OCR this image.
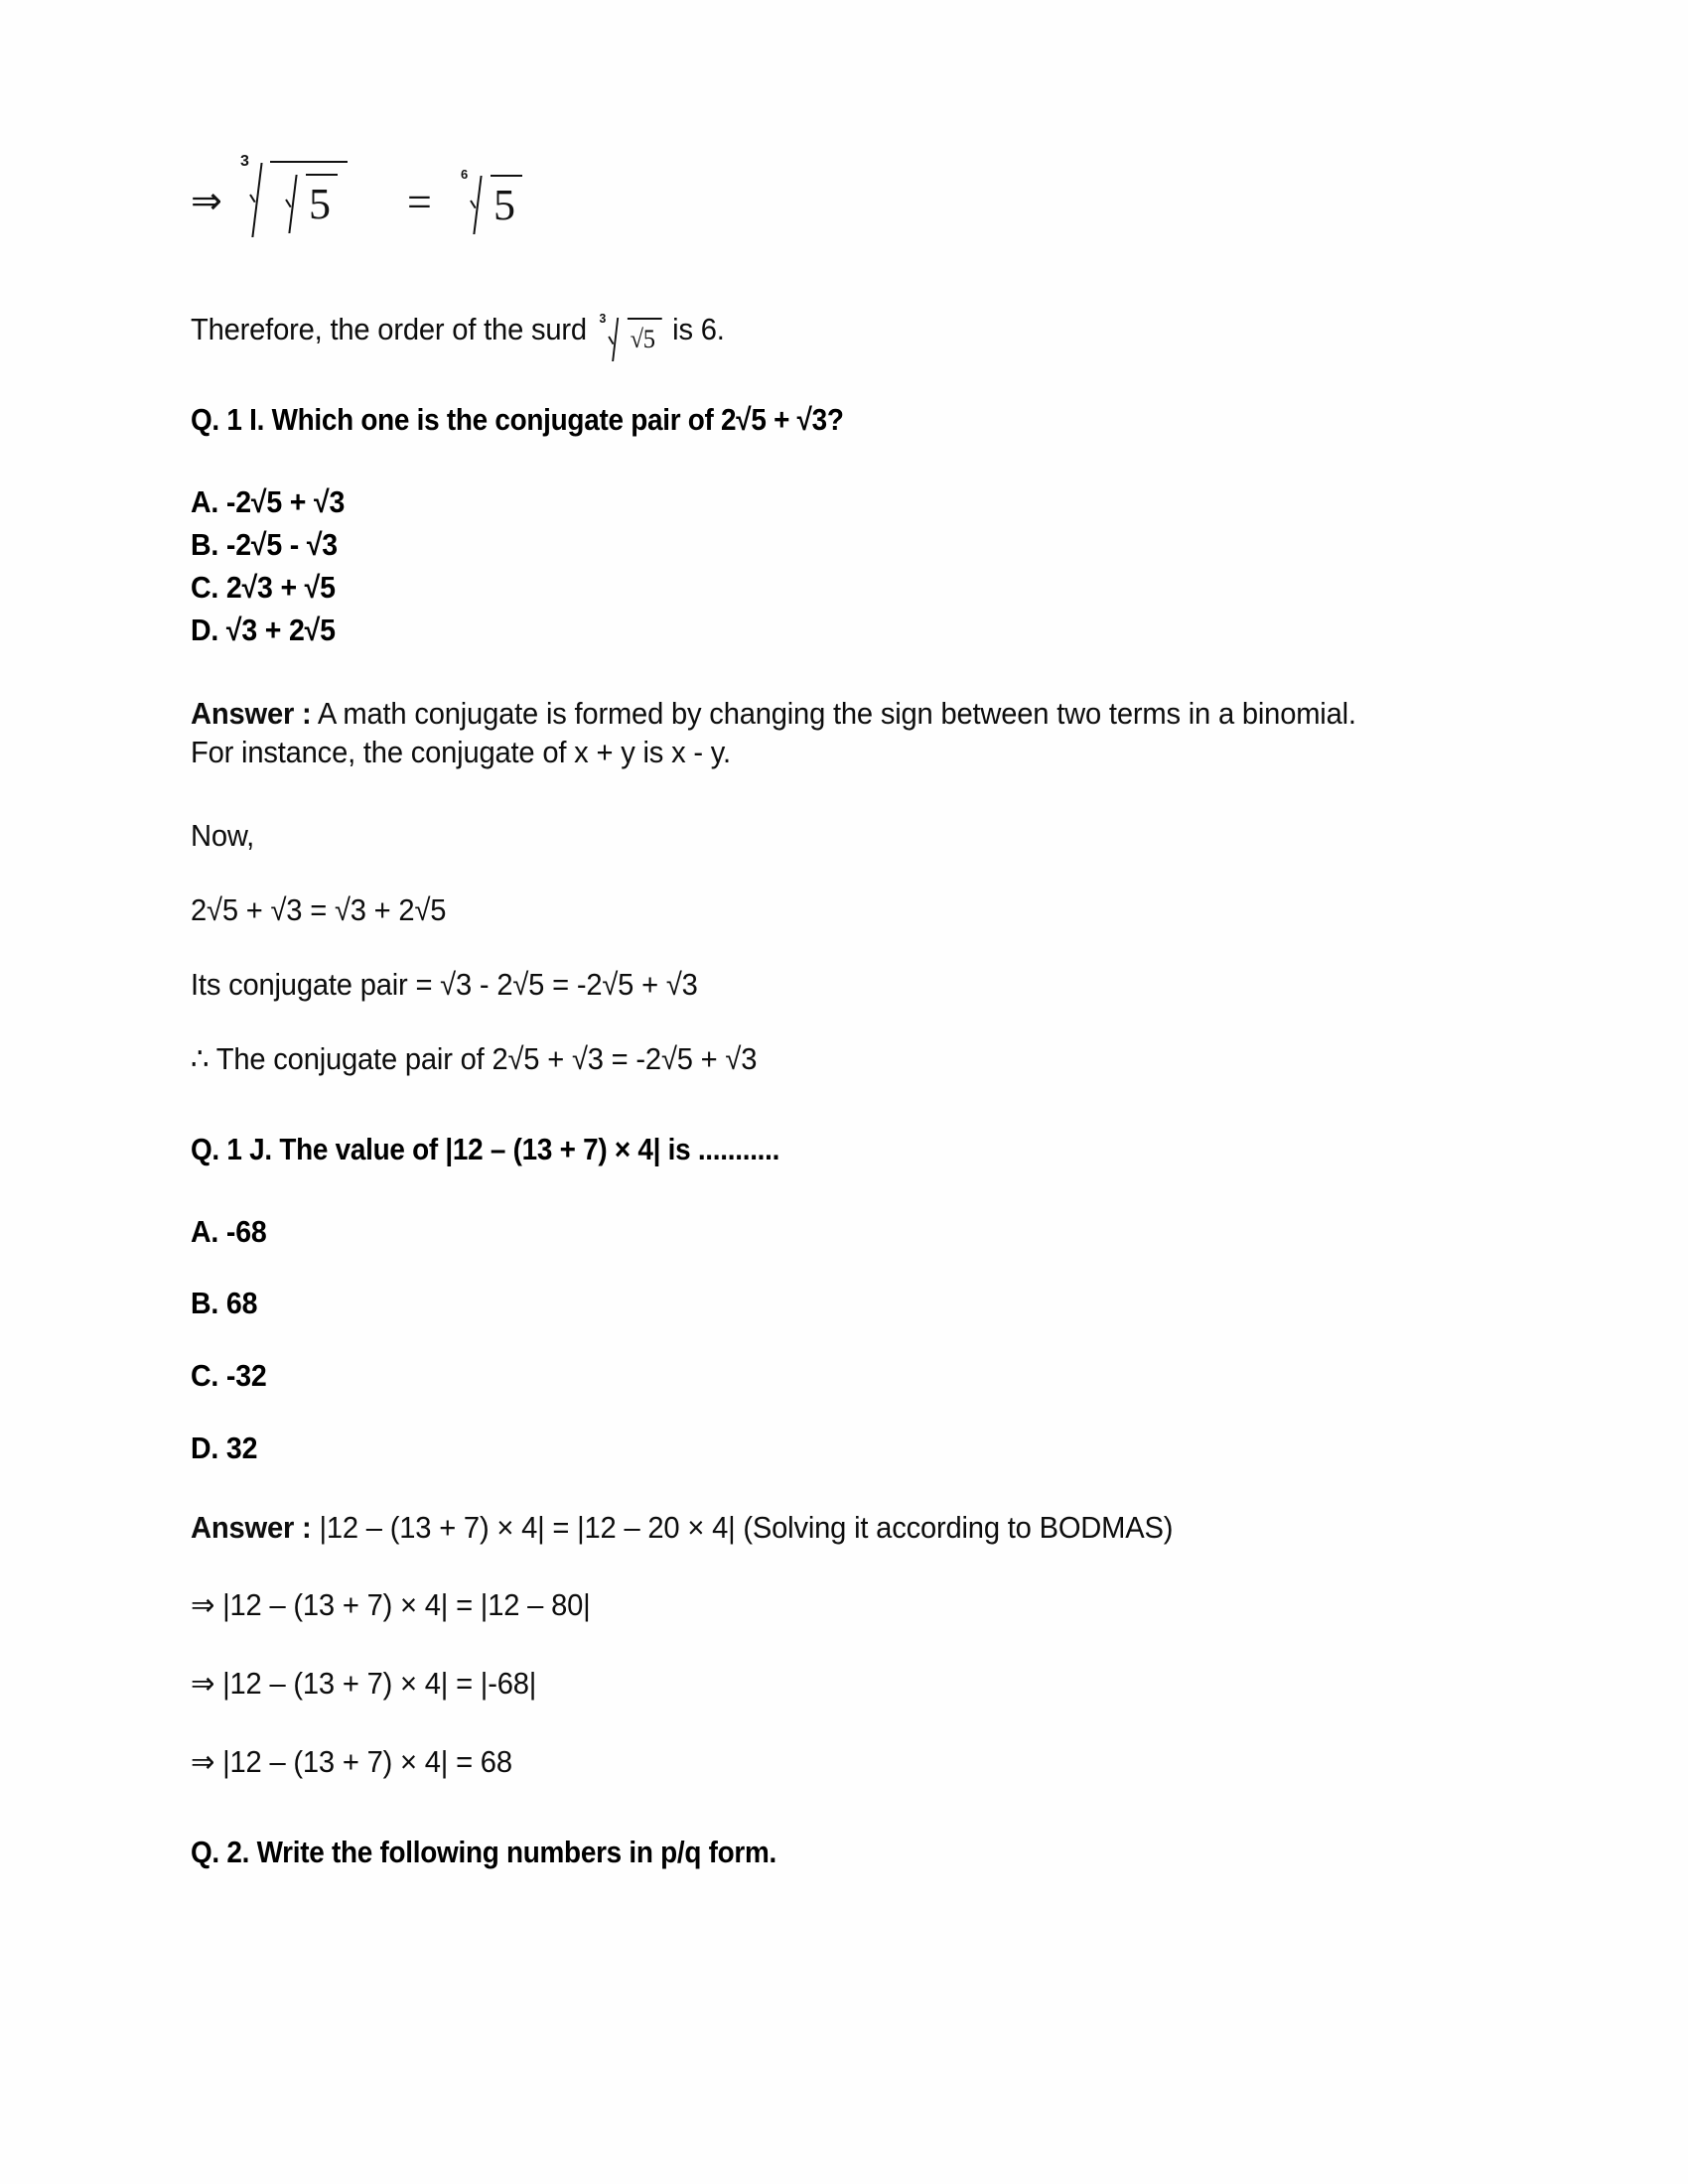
⇒
3
5 =
6
5

Therefore, the order of the surd 3
√5 is 6.

Q. 1 I. Which one is the conjugate pair of 2√5 + √3?

A. -2√5 + √3

B. -2√5 - √3

C. 2√3 + √5

D. √3 + 2√5

Answer : A math conjugate is formed by changing the sign between two terms in a binomial. For instance, the conjugate of x + y is x - y.

Now,

2√5 + √3 = √3 + 2√5

Its conjugate pair = √3 - 2√5 = -2√5 + √3

∴ The conjugate pair of 2√5 + √3 = -2√5 + √3

Q. 1 J. The value of |12 – (13 + 7) × 4| is ...........

A. -68

B. 68

C. -32

D. 32

Answer : |12 – (13 + 7) × 4| = |12 – 20 × 4| (Solving it according to BODMAS)

⇒ |12 – (13 + 7) × 4| = |12 – 80|

⇒ |12 – (13 + 7) × 4| = |-68|

⇒ |12 – (13 + 7) × 4| = 68

Q. 2. Write the following numbers in p/q form.
